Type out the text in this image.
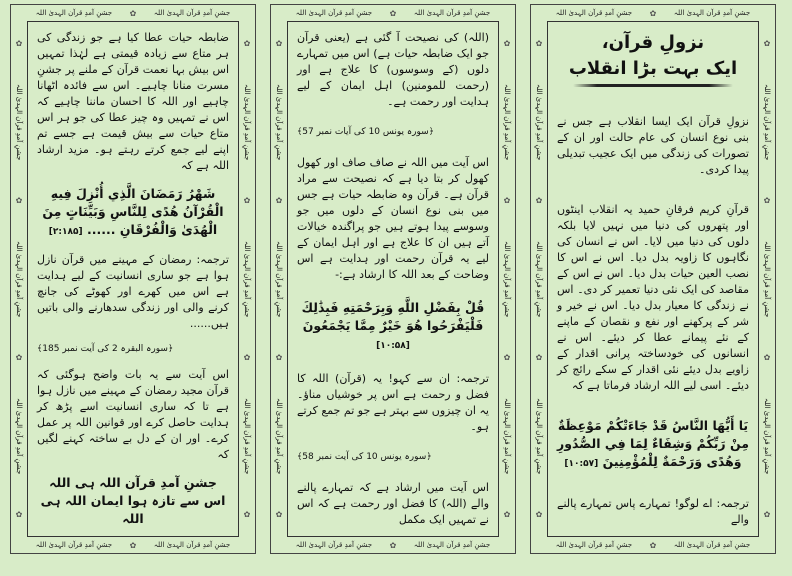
جشنِ آمدِ قرآن الہدیٰ اللہ
✿
جشنِ آمدِ قرآن الہدیٰ اللہ
✿
جشنِ آمدِ قرآن الہدیٰ اللہ
✿
جشنِ آمدِ قرآن الہدیٰ اللہ
✿
جشنِ آمدِ قرآن الہدیٰ اللہ
✿
✿
جشنِ آمدِ قرآن الہدیٰ اللہ
✿
جشنِ آمدِ قرآن الہدیٰ اللہ
✿
جشنِ آمدِ قرآن الہدیٰ اللہ
✿
جشنِ آمدِ قرآن الہدیٰ اللہ
✿
جشنِ آمدِ قرآن الہدیٰ اللہ

ضابطہ حیات عطا کیا ہے جو زندگی کی ہر متاع سے زیادہ قیمتی ہے لہٰذا تمہیں اس بیش بہا نعمت قرآن کے ملنے پر جشنِ مسرت منانا چاہیے۔ اس سے فائدہ اٹھانا چاہیے اور اللہ کا احسان ماننا چاہیے کہ اس نے تمہیں وہ چیز عطا کی جو ہر اس متاع حیات سے بیش قیمت ہے جسے تم اپنے لیے جمع کرتے رہتے ہو۔ مزید ارشاد اللہ ہے کہ

شَهْرُ رَمَضَانَ الَّذِي أُنْزِلَ فِيهِ الْقُرْآنُ هُدًى لِلنَّاسِ وَبَيِّنَاتٍ مِنَ الْهُدَىٰ وَالْفُرْقَانِ ...... [۲:۱۸۵]

ترجمہ: رمضان کے مہینے میں قرآن نازل ہوا ہے جو ساری انسانیت کے لیے ہدایت ہے اس میں کھرے اور کھوٹے کی جانچ کرنے والی اور زندگی سدھارنے والی باتیں ہیں......

﴿سورہ البقرہ 2 کی آیت نمبر 185﴾

اس آیت سے یہ بات واضح ہوگئی کہ قرآن مجید رمضان کے مہینے میں نازل ہوا ہے تا کہ ساری انسانیت اسے پڑھ کر ہدایت حاصل کرے اور قوانین اللہ پر عمل کرے۔ اور ان کے دل بے ساختہ کہنے لگیں کہ

جشنِ آمدِ قرآن اللہ ہی اللہ
اس سے تازہ ہوا ایمان اللہ ہی اللہ
جشنِ آمدِ قرآن الہدیٰ اللہ
✿
جشنِ آمدِ قرآن الہدیٰ اللہ
✿
جشنِ آمدِ قرآن الہدیٰ اللہ
✿
جشنِ آمدِ قرآن الہدیٰ اللہ
✿
جشنِ آمدِ قرآن الہدیٰ اللہ
✿
✿
جشنِ آمدِ قرآن الہدیٰ اللہ
✿
جشنِ آمدِ قرآن الہدیٰ اللہ
✿
جشنِ آمدِ قرآن الہدیٰ اللہ
✿
جشنِ آمدِ قرآن الہدیٰ اللہ
✿
جشنِ آمدِ قرآن الہدیٰ اللہ

(اللہ) کی نصیحت آ گئی ہے (یعنی قرآن جو ایک ضابطہ حیات ہے) اس میں تمہارے دلوں (کے وسوسوں) کا علاج ہے اور (رحمت للمومنین) اہل ایمان کے لیے ہدایت اور رحمت ہے۔

﴿سورہ یونس 10 کی آیات نمبر 57﴾

اس آیت میں اللہ نے صاف صاف اور کھول کھول کر بتا دیا ہے کہ نصیحت سے مراد قرآن ہے۔ قرآن وہ ضابطہ حیات ہے جس میں بنی نوع انسان کے دلوں میں جو وسوسے پیدا ہوتے ہیں جو پراگندہ خیالات آتے ہیں ان کا علاج ہے اور اہل ایمان کے لیے یہ قرآن رحمت اور ہدایت ہے اس وضاحت کے بعد اللہ کا ارشاد ہے:-

قُلْ بِفَضْلِ اللَّهِ وَبِرَحْمَتِهِ فَبِذَٰلِكَ فَلْيَفْرَحُوا هُوَ خَيْرٌ مِمَّا يَجْمَعُونَ [۱۰:۵۸]

ترجمہ: ان سے کہو! یہ (قرآن) اللہ کا فضل و رحمت ہے اس پر خوشیاں مناؤ۔ یہ ان چیزوں سے بہتر ہے جو تم جمع کرتے ہو۔

﴿سورہ یونس 10 کی آیت نمبر 58﴾

اس آیت میں ارشاد ہے کہ تمہارے پالنے والے (اللہ) کا فضل اور رحمت ہے کہ اس نے تمہیں ایک مکمل

جشنِ آمدِ قرآن الہدیٰ اللہ
✿
جشنِ آمدِ قرآن الہدیٰ اللہ
✿
جشنِ آمدِ قرآن الہدیٰ اللہ
✿
جشنِ آمدِ قرآن الہدیٰ اللہ
✿
جشنِ آمدِ قرآن الہدیٰ اللہ
✿
✿
جشنِ آمدِ قرآن الہدیٰ اللہ
✿
جشنِ آمدِ قرآن الہدیٰ اللہ
✿
جشنِ آمدِ قرآن الہدیٰ اللہ
✿
جشنِ آمدِ قرآن الہدیٰ اللہ
✿
جشنِ آمدِ قرآن الہدیٰ اللہ
نزولِ قرآن،
ایک بہت بڑا انقلاب

نزولِ قرآن ایک ایسا انقلاب ہے جس نے بنی نوع انسان کی عام حالت اور ان کے تصورات کی زندگی میں ایک عجیب تبدیلی پیدا کردی۔

قرآنِ کریم فرقانِ حمید یہ انقلاب اینٹوں اور پتھروں کی دنیا میں نہیں لایا بلکہ دلوں کی دنیا میں لایا۔ اس نے انسان کی نگاہوں کا زاویہ بدل دیا۔ اس نے اس کا نصب العین حیات بدل دیا۔ اس نے اس کے مقاصد کی ایک نئی دنیا تعمیر کر دی۔ اس نے زندگی کا معیار بدل دیا۔ اس نے خیر و شر کے پرکھنے اور نفع و نقصان کے ماپنے کے نئے پیمانے عطا کر دیئے۔ اس نے انسانوں کی خودساختہ پرانی اقدار کے زاویے بدل دیئے نئی اقدار کے سکے رائج کر دیئے۔ اسی لیے اللہ ارشاد فرماتا ہے کہ

يَا أَيُّهَا النَّاسُ قَدْ جَاءَتْكُمْ مَوْعِظَةٌ مِنْ رَبِّكُمْ وَشِفَاءٌ لِمَا فِي الصُّدُورِ وَهُدًى وَرَحْمَةٌ لِلْمُؤْمِنِينَ [۱۰:۵۷]

ترجمہ: اے لوگو! تمہارے پاس تمہارے پالنے والے
